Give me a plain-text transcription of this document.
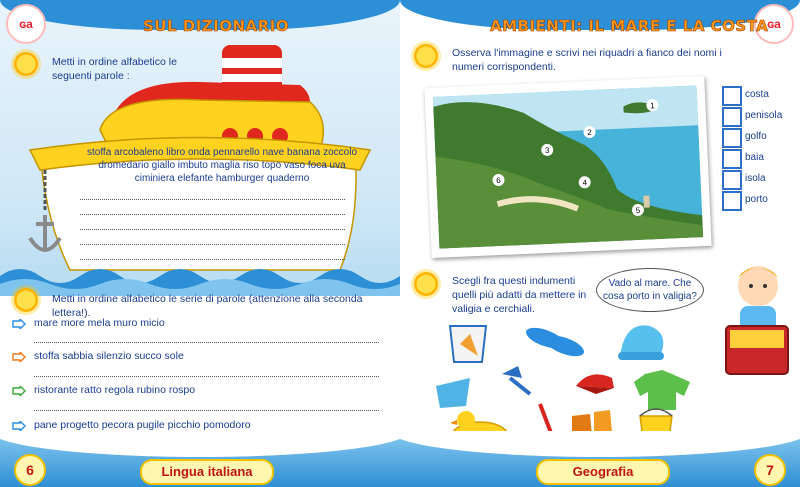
ɢa	SUL DIZIONARIO
Metti in ordine alfabetico le seguenti parole :
stoffa arcobaleno libro onda pennarello nave banana zoccolo
dromedario giallo imbuto maglia riso topo vaso foca uva
ciminiera elefante hamburger quaderno
Metti in ordine alfabetico le serie di parole (attenzione alla seconda lettera!).
mare more mela muro micio
stoffa sabbia silenzio succo sole
ristorante ratto regola rubino rospo
pane progetto pecora pugile picchio pomodoro
6	Lingua italiana
ɢa
AMBIENTI: IL MARE E LA COSTA
Osserva l'immagine e scrivi nei riquadri a fianco dei nomi i numeri corrispondenti.
1
2
3
4
5
6
costa
penisola
golfo
baia
isola
porto
Scegli fra questi indumenti quelli più adatti da mettere in valigia e cerchiali.
Vado al mare. Che cosa porto in valigia?
Geografia	7
